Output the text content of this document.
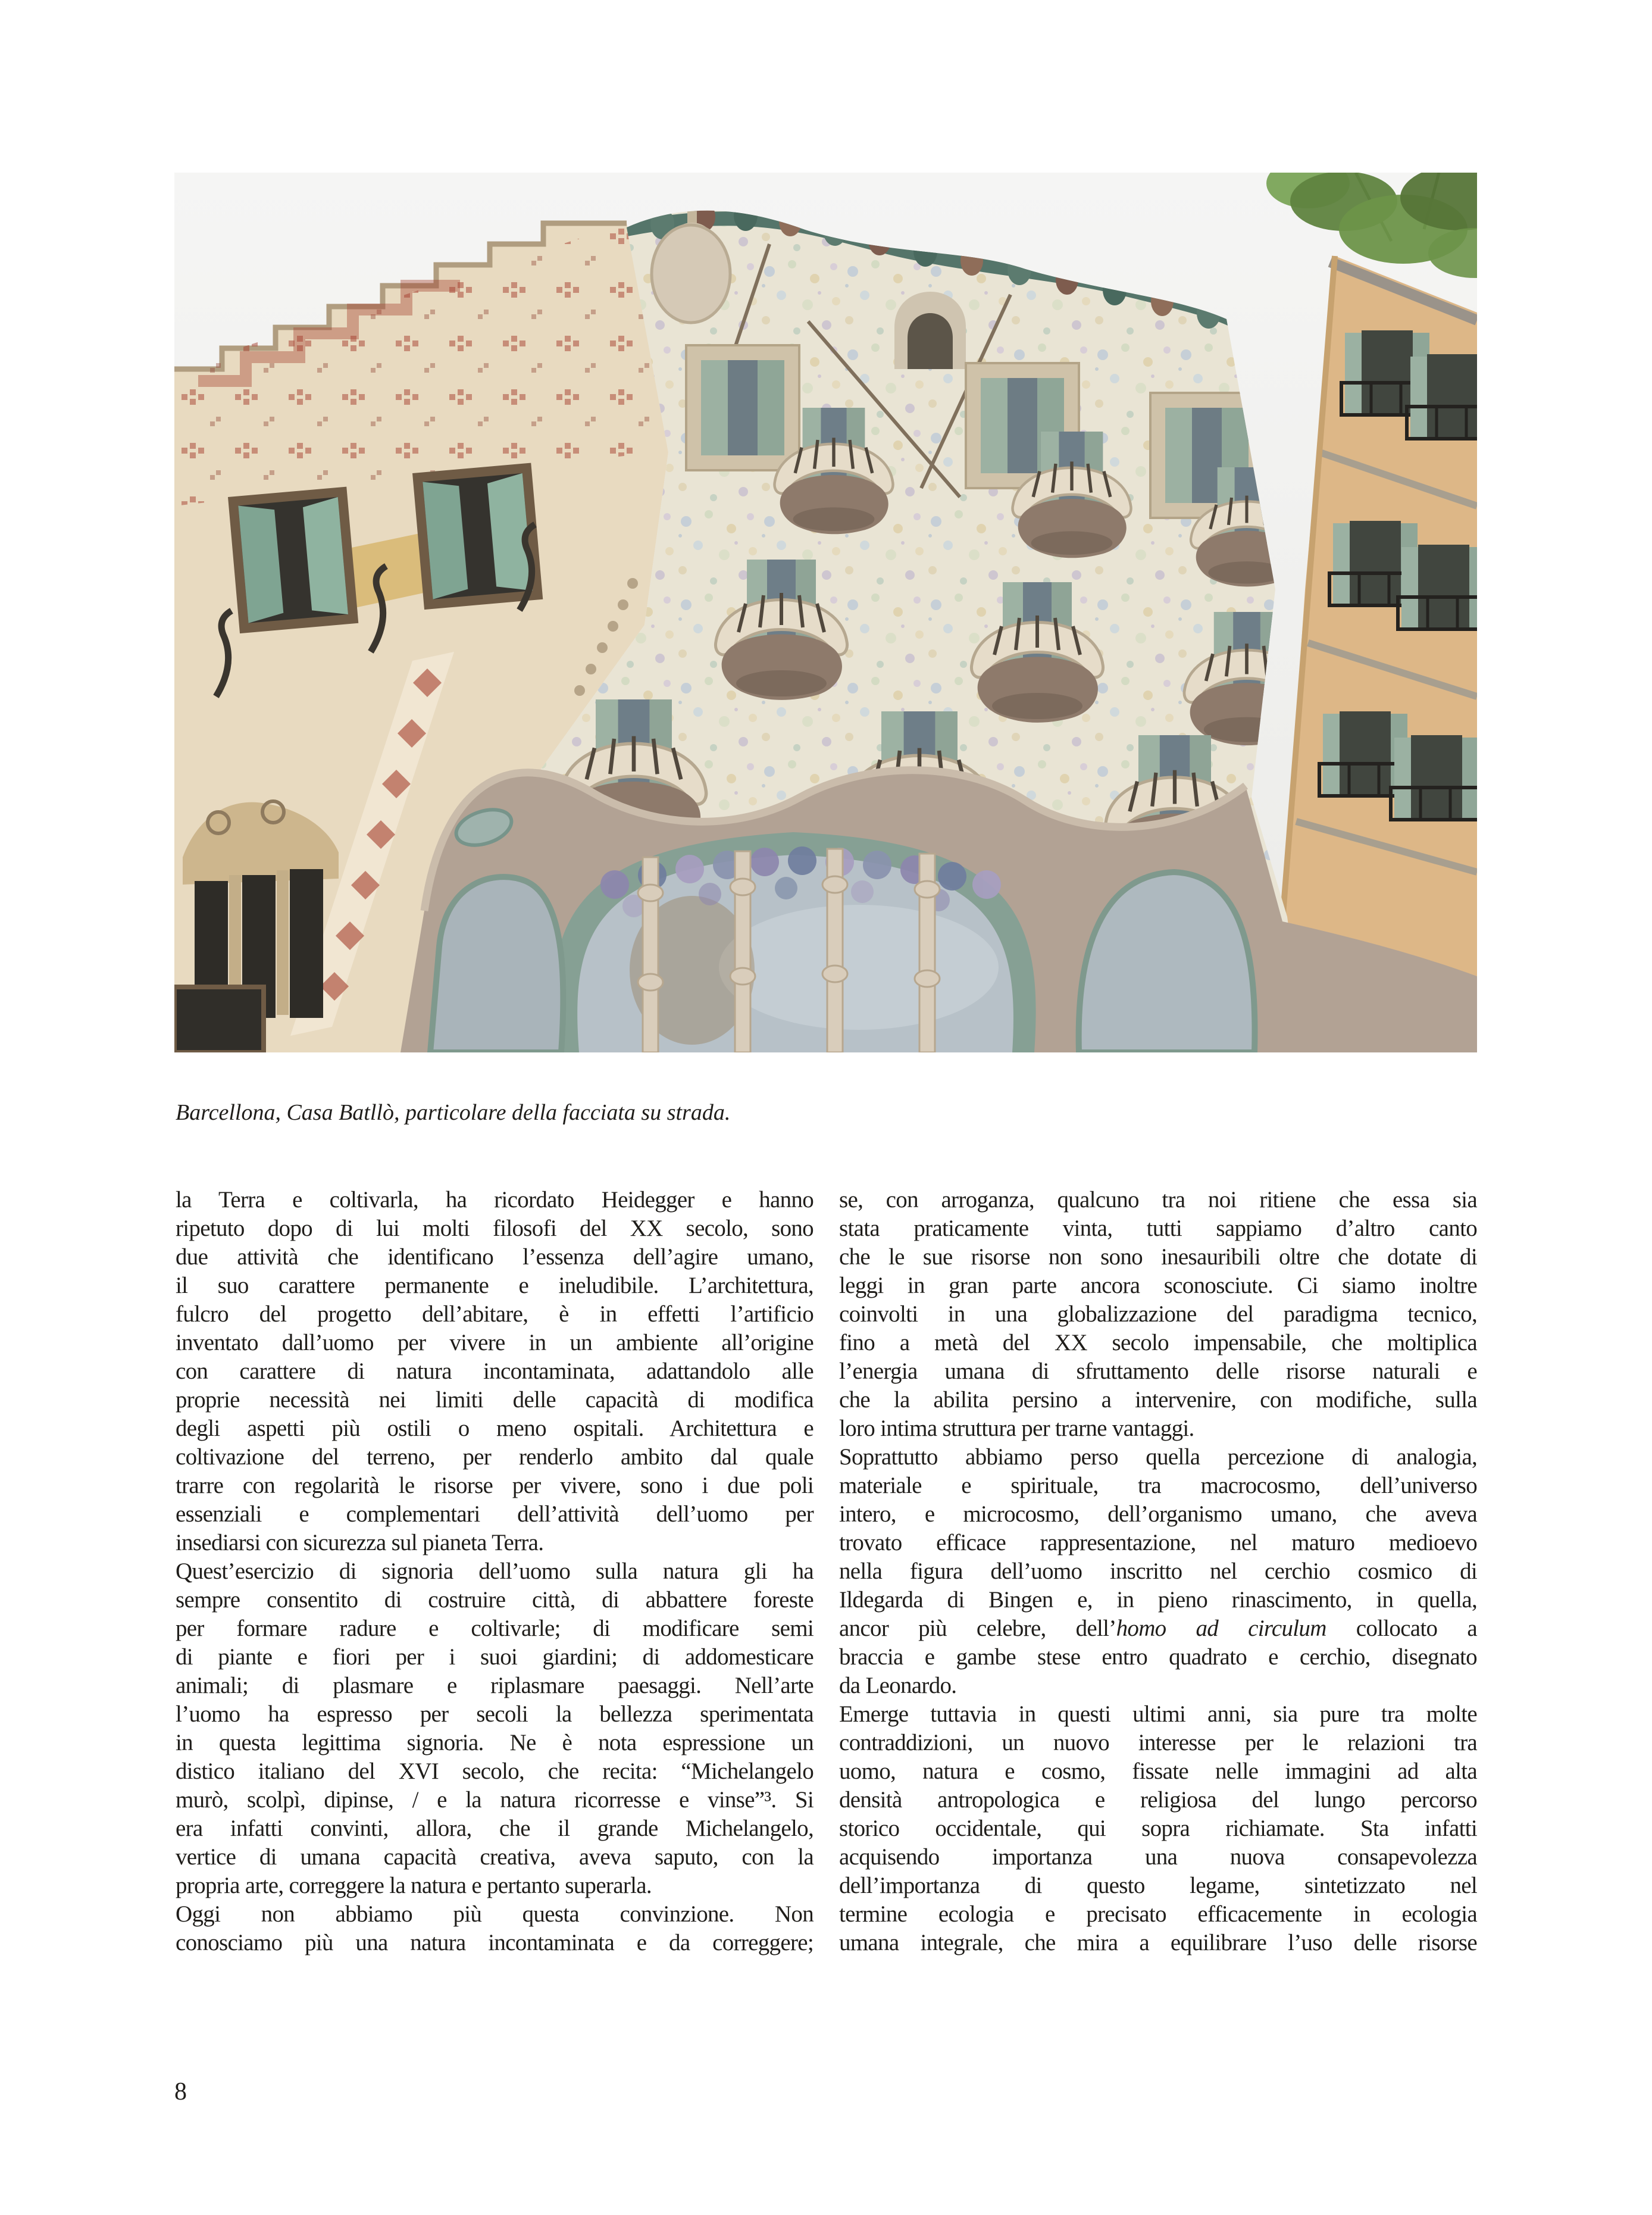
Barcellona, Casa Batllò, particolare della facciata su strada.
la Terra e coltivarla, ha ricordato Heidegger e hanno
ripetuto dopo di lui molti filosofi del XX secolo, sono
due attività che identificano l’essenza dell’agire umano,
il suo carattere permanente e ineludibile. L’architettura,
fulcro del progetto dell’abitare, è in effetti l’artificio
inventato dall’uomo per vivere in un ambiente all’origine
con carattere di natura incontaminata, adattandolo alle
proprie necessità nei limiti delle capacità di modifica
degli aspetti più ostili o meno ospitali. Architettura e
coltivazione del terreno, per renderlo ambito dal quale
trarre con regolarità le risorse per vivere, sono i due poli
essenziali e complementari dell’attività dell’uomo per
insediarsi con sicurezza sul pianeta Terra.
Quest’esercizio di signoria dell’uomo sulla natura gli ha
sempre consentito di costruire città, di abbattere foreste
per formare radure e coltivarle; di modificare semi
di piante e fiori per i suoi giardini; di addomesticare
animali; di plasmare e riplasmare paesaggi. Nell’arte
l’uomo ha espresso per secoli la bellezza sperimentata
in questa legittima signoria. Ne è nota espressione un
distico italiano del XVI secolo, che recita: “Michelangelo
murò, scolpì, dipinse, / e la natura ricorresse e vinse”³. Si
era infatti convinti, allora, che il grande Michelangelo,
vertice di umana capacità creativa, aveva saputo, con la
propria arte, correggere la natura e pertanto superarla.
Oggi non abbiamo più questa convinzione. Non
conosciamo più una natura incontaminata e da correggere;
se, con arroganza, qualcuno tra noi ritiene che essa sia
stata praticamente vinta, tutti sappiamo d’altro canto
che le sue risorse non sono inesauribili oltre che dotate di
leggi in gran parte ancora sconosciute. Ci siamo inoltre
coinvolti in una globalizzazione del paradigma tecnico,
fino a metà del XX secolo impensabile, che moltiplica
l’energia umana di sfruttamento delle risorse naturali e
che la abilita persino a intervenire, con modifiche, sulla
loro intima struttura per trarne vantaggi.
Soprattutto abbiamo perso quella percezione di analogia,
materiale e spirituale, tra macrocosmo, dell’universo
intero, e microcosmo, dell’organismo umano, che aveva
trovato efficace rappresentazione, nel maturo medioevo
nella figura dell’uomo inscritto nel cerchio cosmico di
Ildegarda di Bingen e, in pieno rinascimento, in quella,
ancor più celebre, dell’homo ad circulum collocato a
braccia e gambe stese entro quadrato e cerchio, disegnato
da Leonardo.
Emerge tuttavia in questi ultimi anni, sia pure tra molte
contraddizioni, un nuovo interesse per le relazioni tra
uomo, natura e cosmo, fissate nelle immagini ad alta
densità antropologica e religiosa del lungo percorso
storico occidentale, qui sopra richiamate. Sta infatti
acquisendo importanza una nuova consapevolezza
dell’importanza di questo legame, sintetizzato nel
termine ecologia e precisato efficacemente in ecologia
umana integrale, che mira a equilibrare l’uso delle risorse
8
